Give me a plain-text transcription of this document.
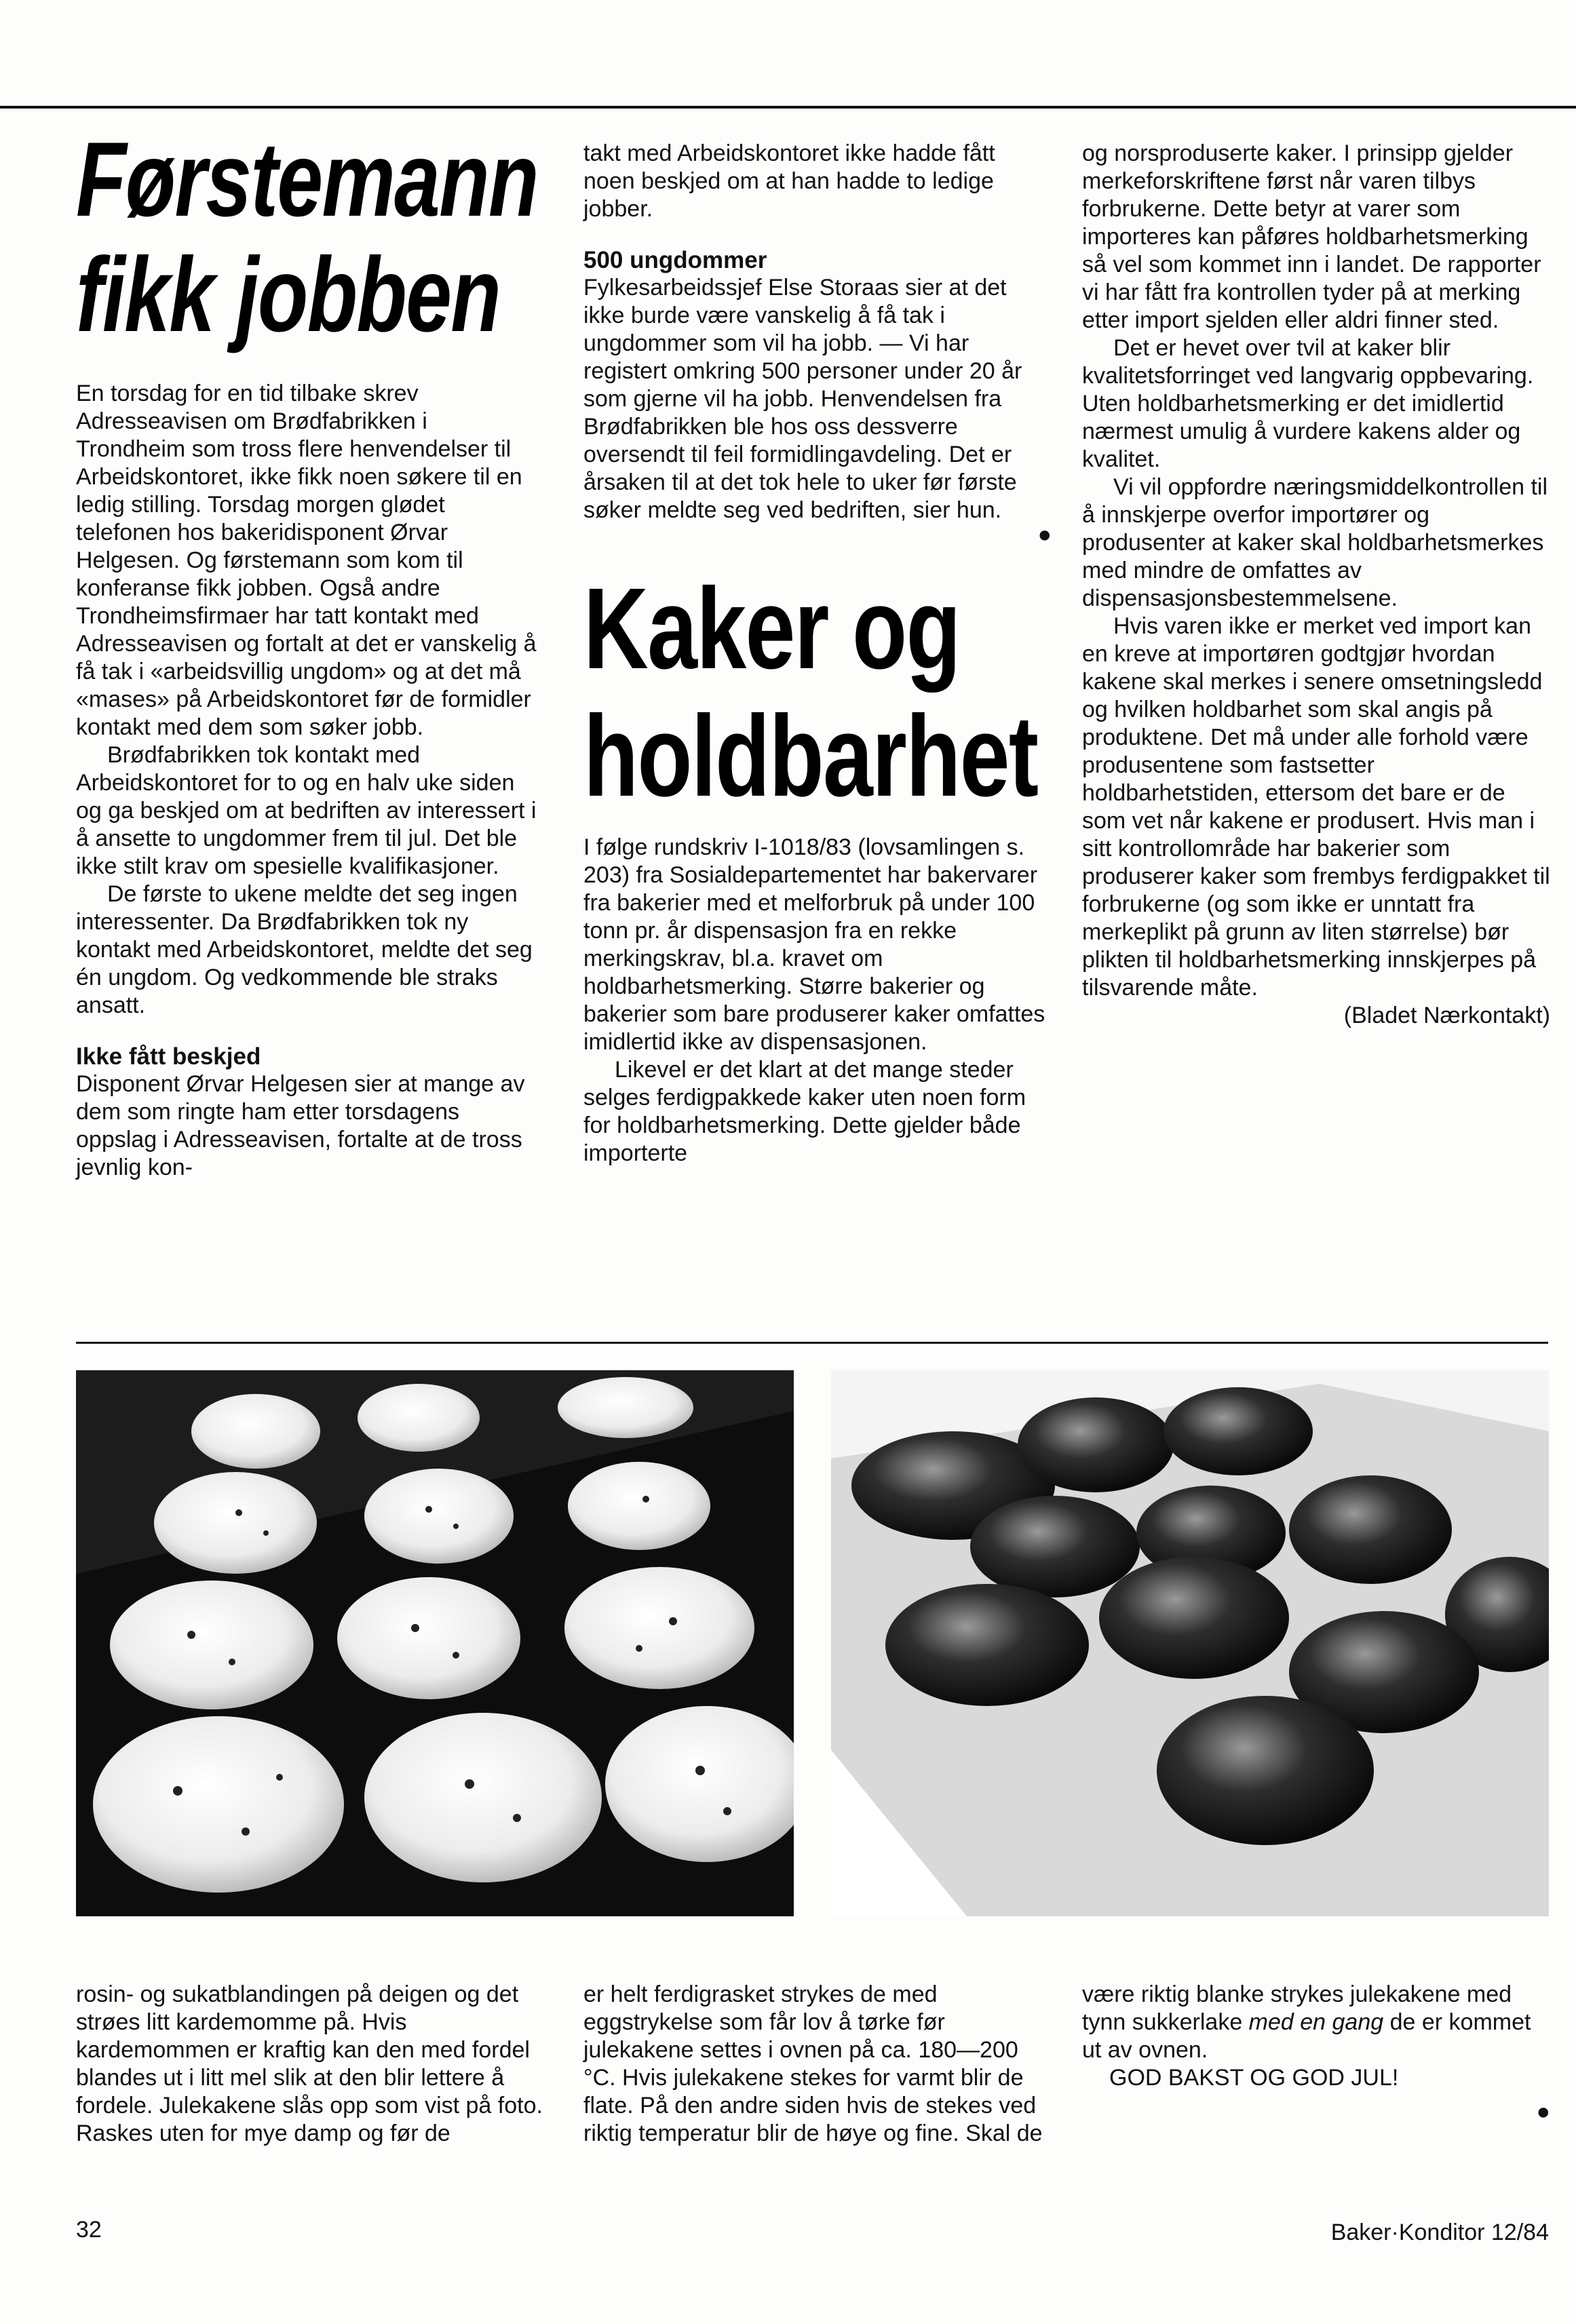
Førstemann
fikk jobben

En torsdag for en tid tilbake skrev Adresseavisen om Brødfabrikken i Trondheim som tross flere henvendelser til Arbeidskontoret, ikke fikk noen søkere til en ledig stilling. Torsdag morgen glødet telefonen hos bakeridisponent Ørvar Helgesen. Og førstemann som kom til konferanse fikk jobben. Også andre Trondheimsfirmaer har tatt kontakt med Adresseavisen og fortalt at det er vanskelig å få tak i «arbeidsvillig ungdom» og at det må «mases» på Arbeidskontoret før de formidler kontakt med dem som søker jobb.

Brødfabrikken tok kontakt med Arbeidskontoret for to og en halv uke siden og ga beskjed om at bedriften av interessert i å ansette to ungdommer frem til jul. Det ble ikke stilt krav om spesielle kvalifikasjoner.

De første to ukene meldte det seg ingen interessenter. Da Brødfabrikken tok ny kontakt med Arbeidskontoret, meldte det seg én ungdom. Og vedkommende ble straks ansatt.

Ikke fått beskjed

Disponent Ørvar Helgesen sier at mange av dem som ringte ham etter torsdagens oppslag i Adresseavisen, fortalte at de tross jevnlig kon-

takt med Arbeidskontoret ikke hadde fått noen beskjed om at han hadde to ledige jobber.

500 ungdommer

Fylkesarbeidssjef Else Storaas sier at det ikke burde være vanskelig å få tak i ungdommer som vil ha jobb. — Vi har registert omkring 500 personer under 20 år som gjerne vil ha jobb. Henvendelsen fra Brødfabrikken ble hos oss dessverre oversendt til feil formidlingavdeling. Det er årsaken til at det tok hele to uker før første søker meldte seg ved bedriften, sier hun.

●
Kaker og
holdbarhet

I følge rundskriv I-1018/83 (lovsamlingen s. 203) fra Sosialdepartementet har bakervarer fra bakerier med et melforbruk på under 100 tonn pr. år dispensasjon fra en rekke merkingskrav, bl.a. kravet om holdbarhetsmerking. Større bakerier og bakerier som bare produserer kaker omfattes imidlertid ikke av dispensasjonen.

Likevel er det klart at det mange steder selges ferdigpakkede kaker uten noen form for holdbarhetsmerking. Dette gjelder både importerte

og norsproduserte kaker. I prinsipp gjelder merkeforskriftene først når varen tilbys forbrukerne. Dette betyr at varer som importeres kan påføres holdbarhetsmerking så vel som kommet inn i landet. De rapporter vi har fått fra kontrollen tyder på at merking etter import sjelden eller aldri finner sted.

Det er hevet over tvil at kaker blir kvalitetsforringet ved langvarig oppbevaring. Uten holdbarhetsmerking er det imidlertid nærmest umulig å vurdere kakens alder og kvalitet.

Vi vil oppfordre næringsmiddelkontrollen til å innskjerpe overfor importører og produsenter at kaker skal holdbarhetsmerkes med mindre de omfattes av dispensasjonsbestemmelsene.

Hvis varen ikke er merket ved import kan en kreve at importøren godtgjør hvordan kakene skal merkes i senere omsetningsledd og hvilken holdbarhet som skal angis på produktene. Det må under alle forhold være produsentene som fastsetter holdbarhetstiden, ettersom det bare er de som vet når kakene er produsert. Hvis man i sitt kontrollområde har bakerier som produserer kaker som frembys ferdigpakket til forbrukerne (og som ikke er unntatt fra merkeplikt på grunn av liten størrelse) bør plikten til holdbarhetsmerking innskjerpes på tilsvarende måte.

(Bladet Nærkontakt)

rosin- og sukatblandingen på deigen og det strøes litt kardemomme på. Hvis kardemommen er kraftig kan den med fordel blandes ut i litt mel slik at den blir lettere å fordele. Julekakene slås opp som vist på foto. Raskes uten for mye damp og før de

er helt ferdigrasket strykes de med eggstrykelse som får lov å tørke før julekakene settes i ovnen på ca. 180—200 °C. Hvis julekakene stekes for varmt blir de flate. På den andre siden hvis de stekes ved riktig temperatur blir de høye og fine. Skal de

være riktig blanke strykes julekakene med tynn sukkerlake med en gang de er kommet ut av ovnen.

GOD BAKST OG GOD JUL!

●
32	Baker·Konditor 12/84
